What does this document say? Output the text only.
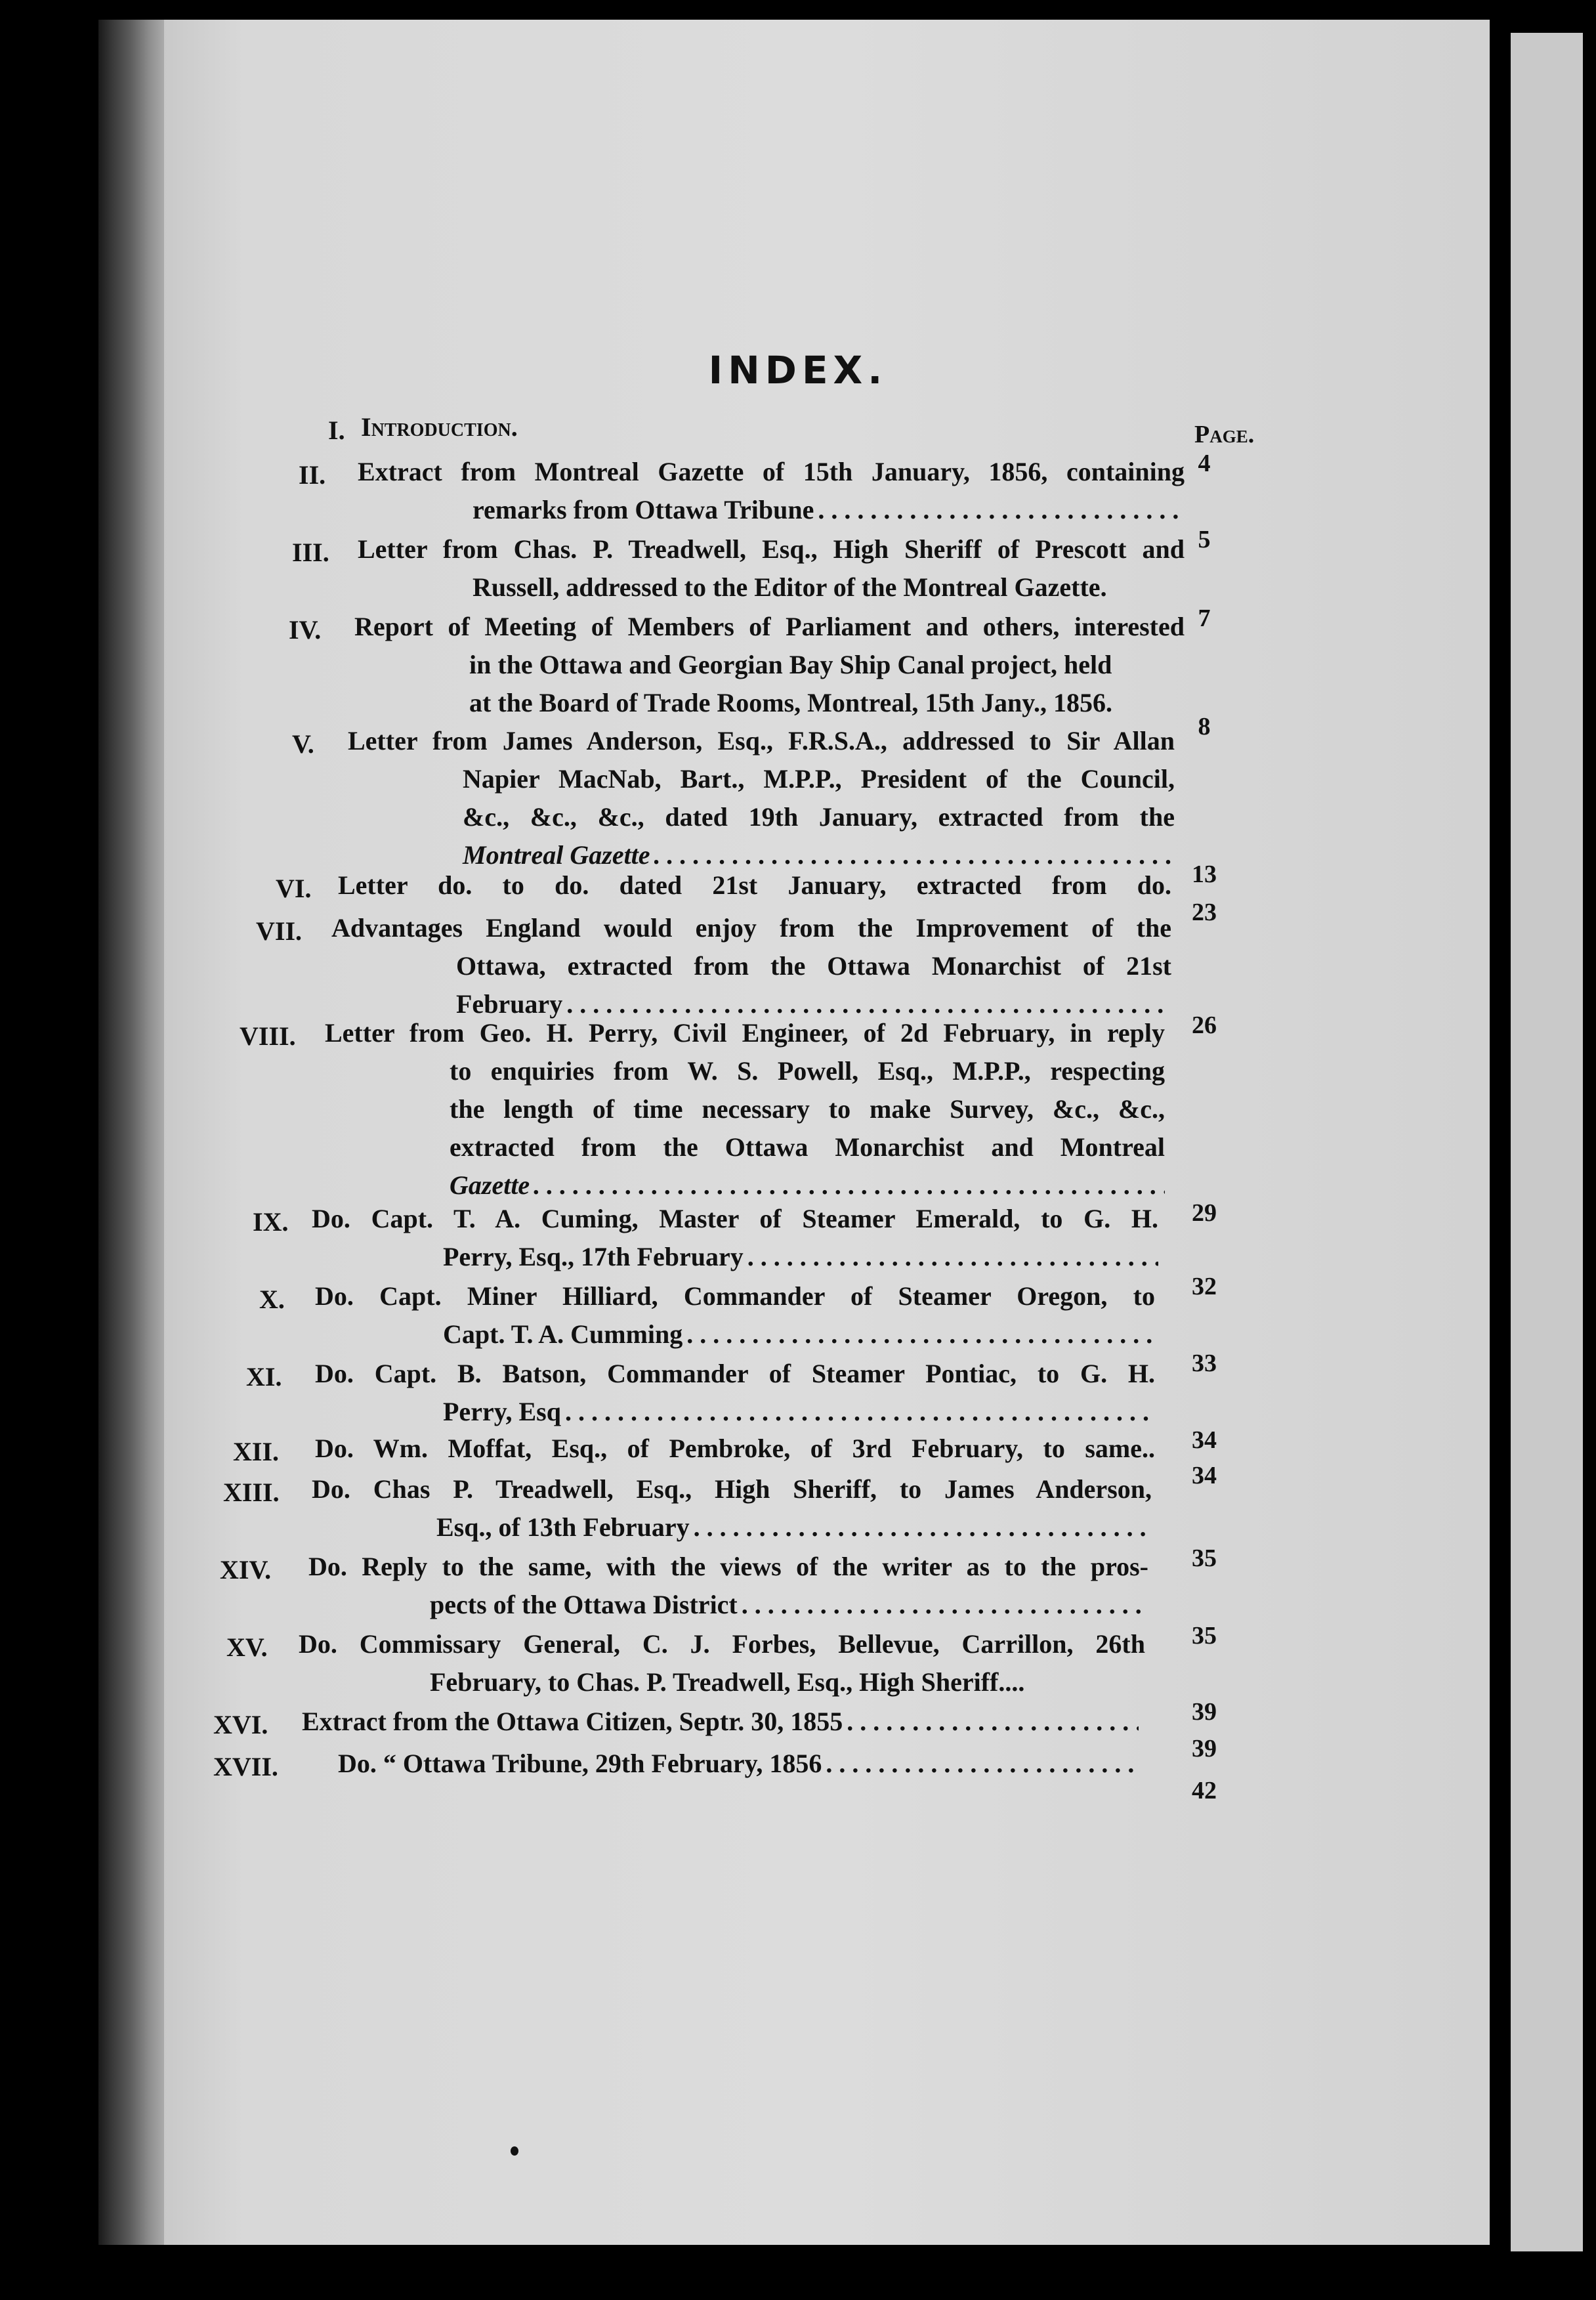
INDEX.
Page.
I. Introduction.
4
II. Extract from Montreal Gazette of 15th January, 1856, containing
remarks from Ottawa Tribune
. . .
5
III. Letter from Chas. P. Treadwell, Esq., High Sheriff of Prescott and
Russell, addressed to the Editor of the Montreal Gazette.
7
IV. Report of Meeting of Members of Parliament and others, interested
in the Ottawa and Georgian Bay Ship Canal project, held
at the Board of Trade Rooms, Montreal, 15th Jany., 1856.
8
V. Letter from James Anderson, Esq., F.R.S.A., addressed to Sir Allan
Napier MacNab, Bart., M.P.P., President of the Council,
&c., &c., &c., dated 19th January, extracted from the
Montreal Gazette
. . .
13
VI. Letter do. to do. dated 21st January, extracted from do.
23
VII. Advantages England would enjoy from the Improvement of the
Ottawa, extracted from the Ottawa Monarchist of 21st
February
. . .
26
VIII. Letter from Geo. H. Perry, Civil Engineer, of 2d February, in reply
to enquiries from W. S. Powell, Esq., M.P.P., respecting
the length of time necessary to make Survey, &c., &c.,
extracted from the Ottawa Monarchist and Montreal
Gazette
. . .
29
IX. Do. Capt. T. A. Cuming, Master of Steamer Emerald, to G. H.
Perry, Esq., 17th February
. . .
32
X. Do. Capt. Miner Hilliard, Commander of Steamer Oregon, to
Capt. T. A. Cumming
. . .
33
XI. Do. Capt. B. Batson, Commander of Steamer Pontiac, to G. H.
Perry, Esq
. . .
34
XII. Do. Wm. Moffat, Esq., of Pembroke, of 3rd February, to same..
34
XIII. Do. Chas P. Treadwell, Esq., High Sheriff, to James Anderson,
Esq., of 13th February
. . .
35
XIV. Do. Reply to the same, with the views of the writer as to the pros-
pects of the Ottawa District
. . .
35
XV. Do. Commissary General, C. J. Forbes, Bellevue, Carrillon, 26th
February, to Chas. P. Treadwell, Esq., High Sheriff....
39
XVI. Extract from the Ottawa Citizen, Septr. 30, 1855
. . .
39
XVII. Do. “ Ottawa Tribune, 29th February, 1856
. . .
42
